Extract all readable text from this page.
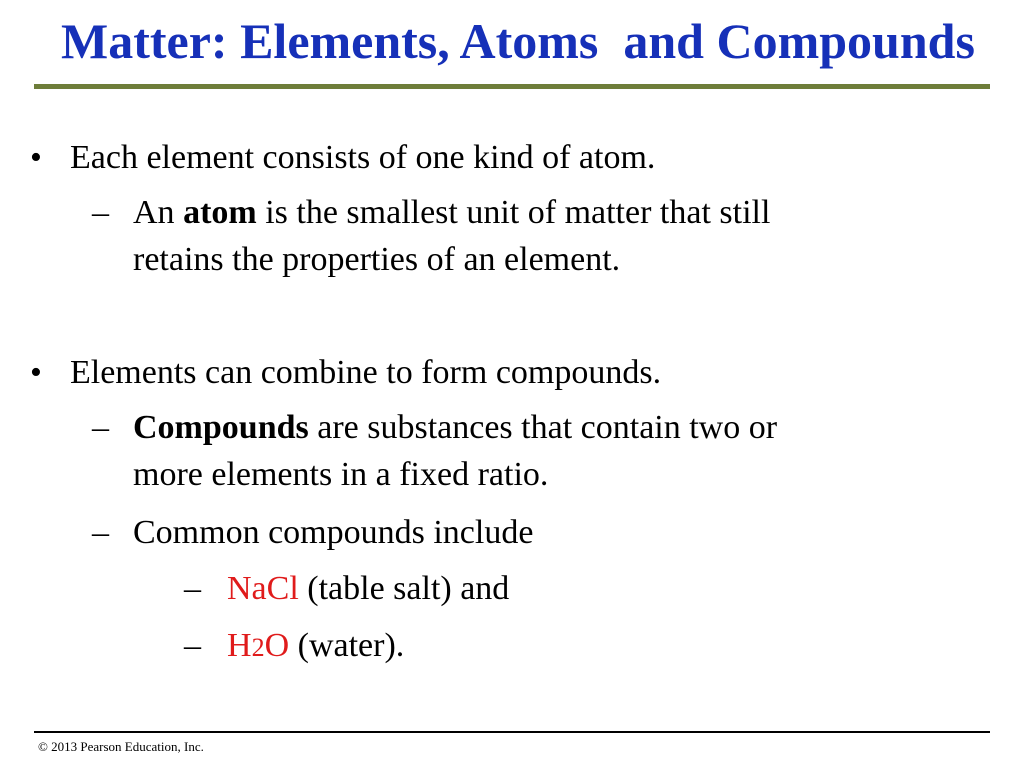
Matter: Elements, Atoms  and Compounds
• Each element consists of one kind of atom.
– An atom is the smallest unit of matter that still
retains the properties of an element.
• Elements can combine to form compounds.
– Compounds are substances that contain two or
more elements in a fixed ratio.
– Common compounds include
– NaCl (table salt) and
– H2O (water).
© 2013 Pearson Education, Inc.
